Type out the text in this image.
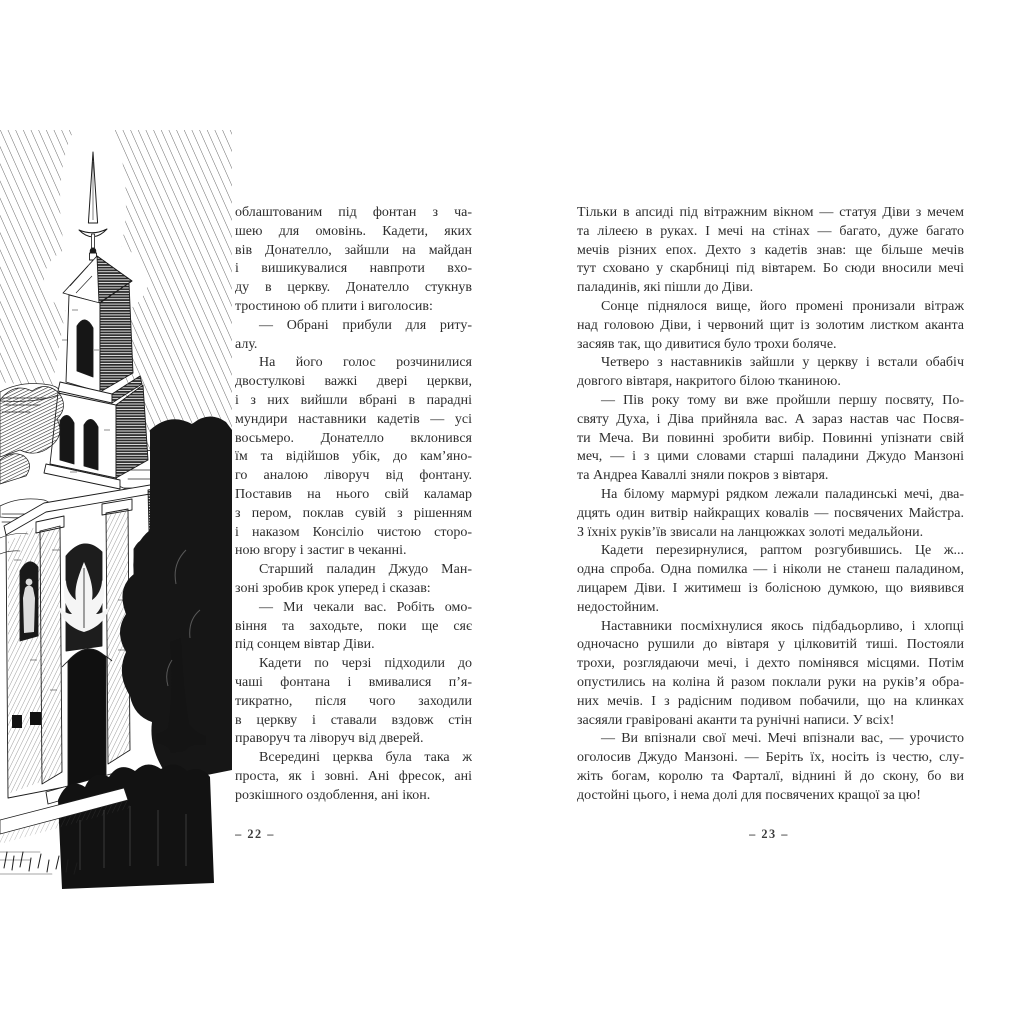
облаштованим під фонтан з ча-
шею для омовінь. Кадети, яких
вів Донателло, зайшли на майдан
і вишикувалися навпроти вхо-
ду в церкву. Донателло стукнув
тростиною об плити і виголосив:
— Обрані прибули для риту-
алу.
На його голос розчинилися
двостулкові важкі двері церкви,
і з них вийшли вбрані в парадні
мундири наставники кадетів — усі
восьмеро. Донателло вклонився
їм та відійшов убік, до кам’яно-
го аналою ліворуч від фонтану.
Поставив на нього свій каламар
з пером, поклав сувій з рішенням
і наказом Консіліо чистою сторо-
ною вгору і застиг в чеканні.
Старший паладин Джудо Ман-
зоні зробив крок уперед і сказав:
— Ми чекали вас. Робіть омо-
віння та заходьте, поки ще сяє
під сонцем вівтар Діви.
Кадети по черзі підходили до
чаші фонтана і вмивалися п’я-
тикратно, після чого заходили
в церкву і ставали вздовж стін
праворуч та ліворуч від дверей.
Всередині церква була така ж
проста, як і зовні. Ані фресок, ані
розкішного оздоблення, ані ікон.
– 22 –
Тільки в апсиді під вітражним вікном — статуя Діви з мечем
та лілеєю в руках. І мечі на стінах — багато, дуже багато
мечів різних епох. Дехто з кадетів знав: ще більше мечів
тут сховано у скарбниці під вівтарем. Бо сюди вносили мечі
паладинів, які пішли до Діви.
Сонце піднялося вище, його промені пронизали вітраж
над головою Діви, і червоний щит із золотим листком аканта
засяяв так, що дивитися було трохи боляче.
Четверо з наставників зайшли у церкву і встали обабіч
довгого вівтаря, накритого білою тканиною.
— Пів року тому ви вже пройшли першу посвяту, По-
святу Духа, і Діва прийняла вас. А зараз настав час Посвя-
ти Меча. Ви повинні зробити вибір. Повинні упізнати свій
меч, — і з цими словами старші паладини Джудо Манзоні
та Андреа Каваллі зняли покров з вівтаря.
На білому мармурі рядком лежали паладинські мечі, два-
дцять один витвір найкращих ковалів — посвячених Майстра.
З їхніх руків’їв звисали на ланцюжках золоті медальйони.
Кадети перезирнулися, раптом розгубившись. Це ж...
одна спроба. Одна помилка — і ніколи не станеш паладином,
лицарем Діви. І житимеш із болісною думкою, що виявився
недостойним.
Наставники посміхнулися якось підбадьорливо, і хлопці
одночасно рушили до вівтаря у цілковитій тиші. Постояли
трохи, розглядаючи мечі, і дехто помінявся місцями. Потім
опустились на коліна й разом поклали руки на руків’я обра-
них мечів. І з радісним подивом побачили, що на клинках
засяяли гравіровані аканти та рунічні написи. У всіх!
— Ви впізнали свої мечі. Мечі впізнали вас, — урочисто
оголосив Джудо Манзоні. — Беріть їх, носіть із честю, слу-
жіть богам, королю та Фарталї, віднині й до скону, бо ви
достойні цього, і нема долі для посвячених кращої за цю!
– 23 –
